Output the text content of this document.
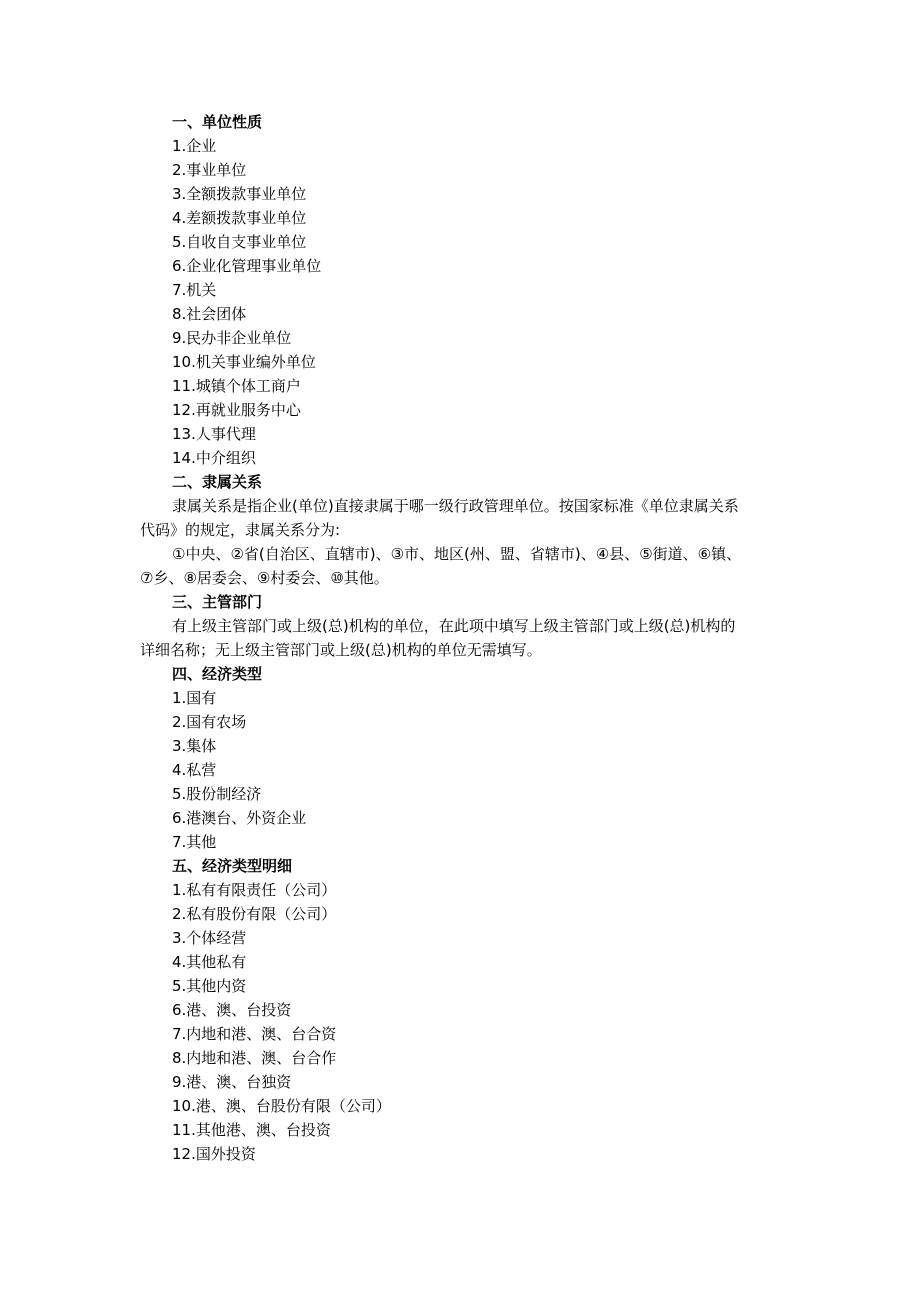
一、单位性质
1.企业
2.事业单位
3.全额拨款事业单位
4.差额拨款事业单位
5.自收自支事业单位
6.企业化管理事业单位
7.机关
8.社会团体
9.民办非企业单位
10.机关事业编外单位
11.城镇个体工商户
12.再就业服务中心
13.人事代理
14.中介组织
二、隶属关系
隶属关系是指企业(单位)直接隶属于哪一级行政管理单位。按国家标准《单位隶属关系
代码》的规定，隶属关系分为:
①中央、②省(自治区、直辖市)、③市、地区(州、盟、省辖市)、④县、⑤街道、⑥镇、
⑦乡、⑧居委会、⑨村委会、⑩其他。
三、主管部门
有上级主管部门或上级(总)机构的单位，在此项中填写上级主管部门或上级(总)机构的
详细名称；无上级主管部门或上级(总)机构的单位无需填写。
四、经济类型
1.国有
2.国有农场
3.集体
4.私营
5.股份制经济
6.港澳台、外资企业
7.其他
五、经济类型明细
1.私有有限责任（公司）
2.私有股份有限（公司）
3.个体经营
4.其他私有
5.其他内资
6.港、澳、台投资
7.内地和港、澳、台合资
8.内地和港、澳、台合作
9.港、澳、台独资
10.港、澳、台股份有限（公司）
11.其他港、澳、台投资
12.国外投资
